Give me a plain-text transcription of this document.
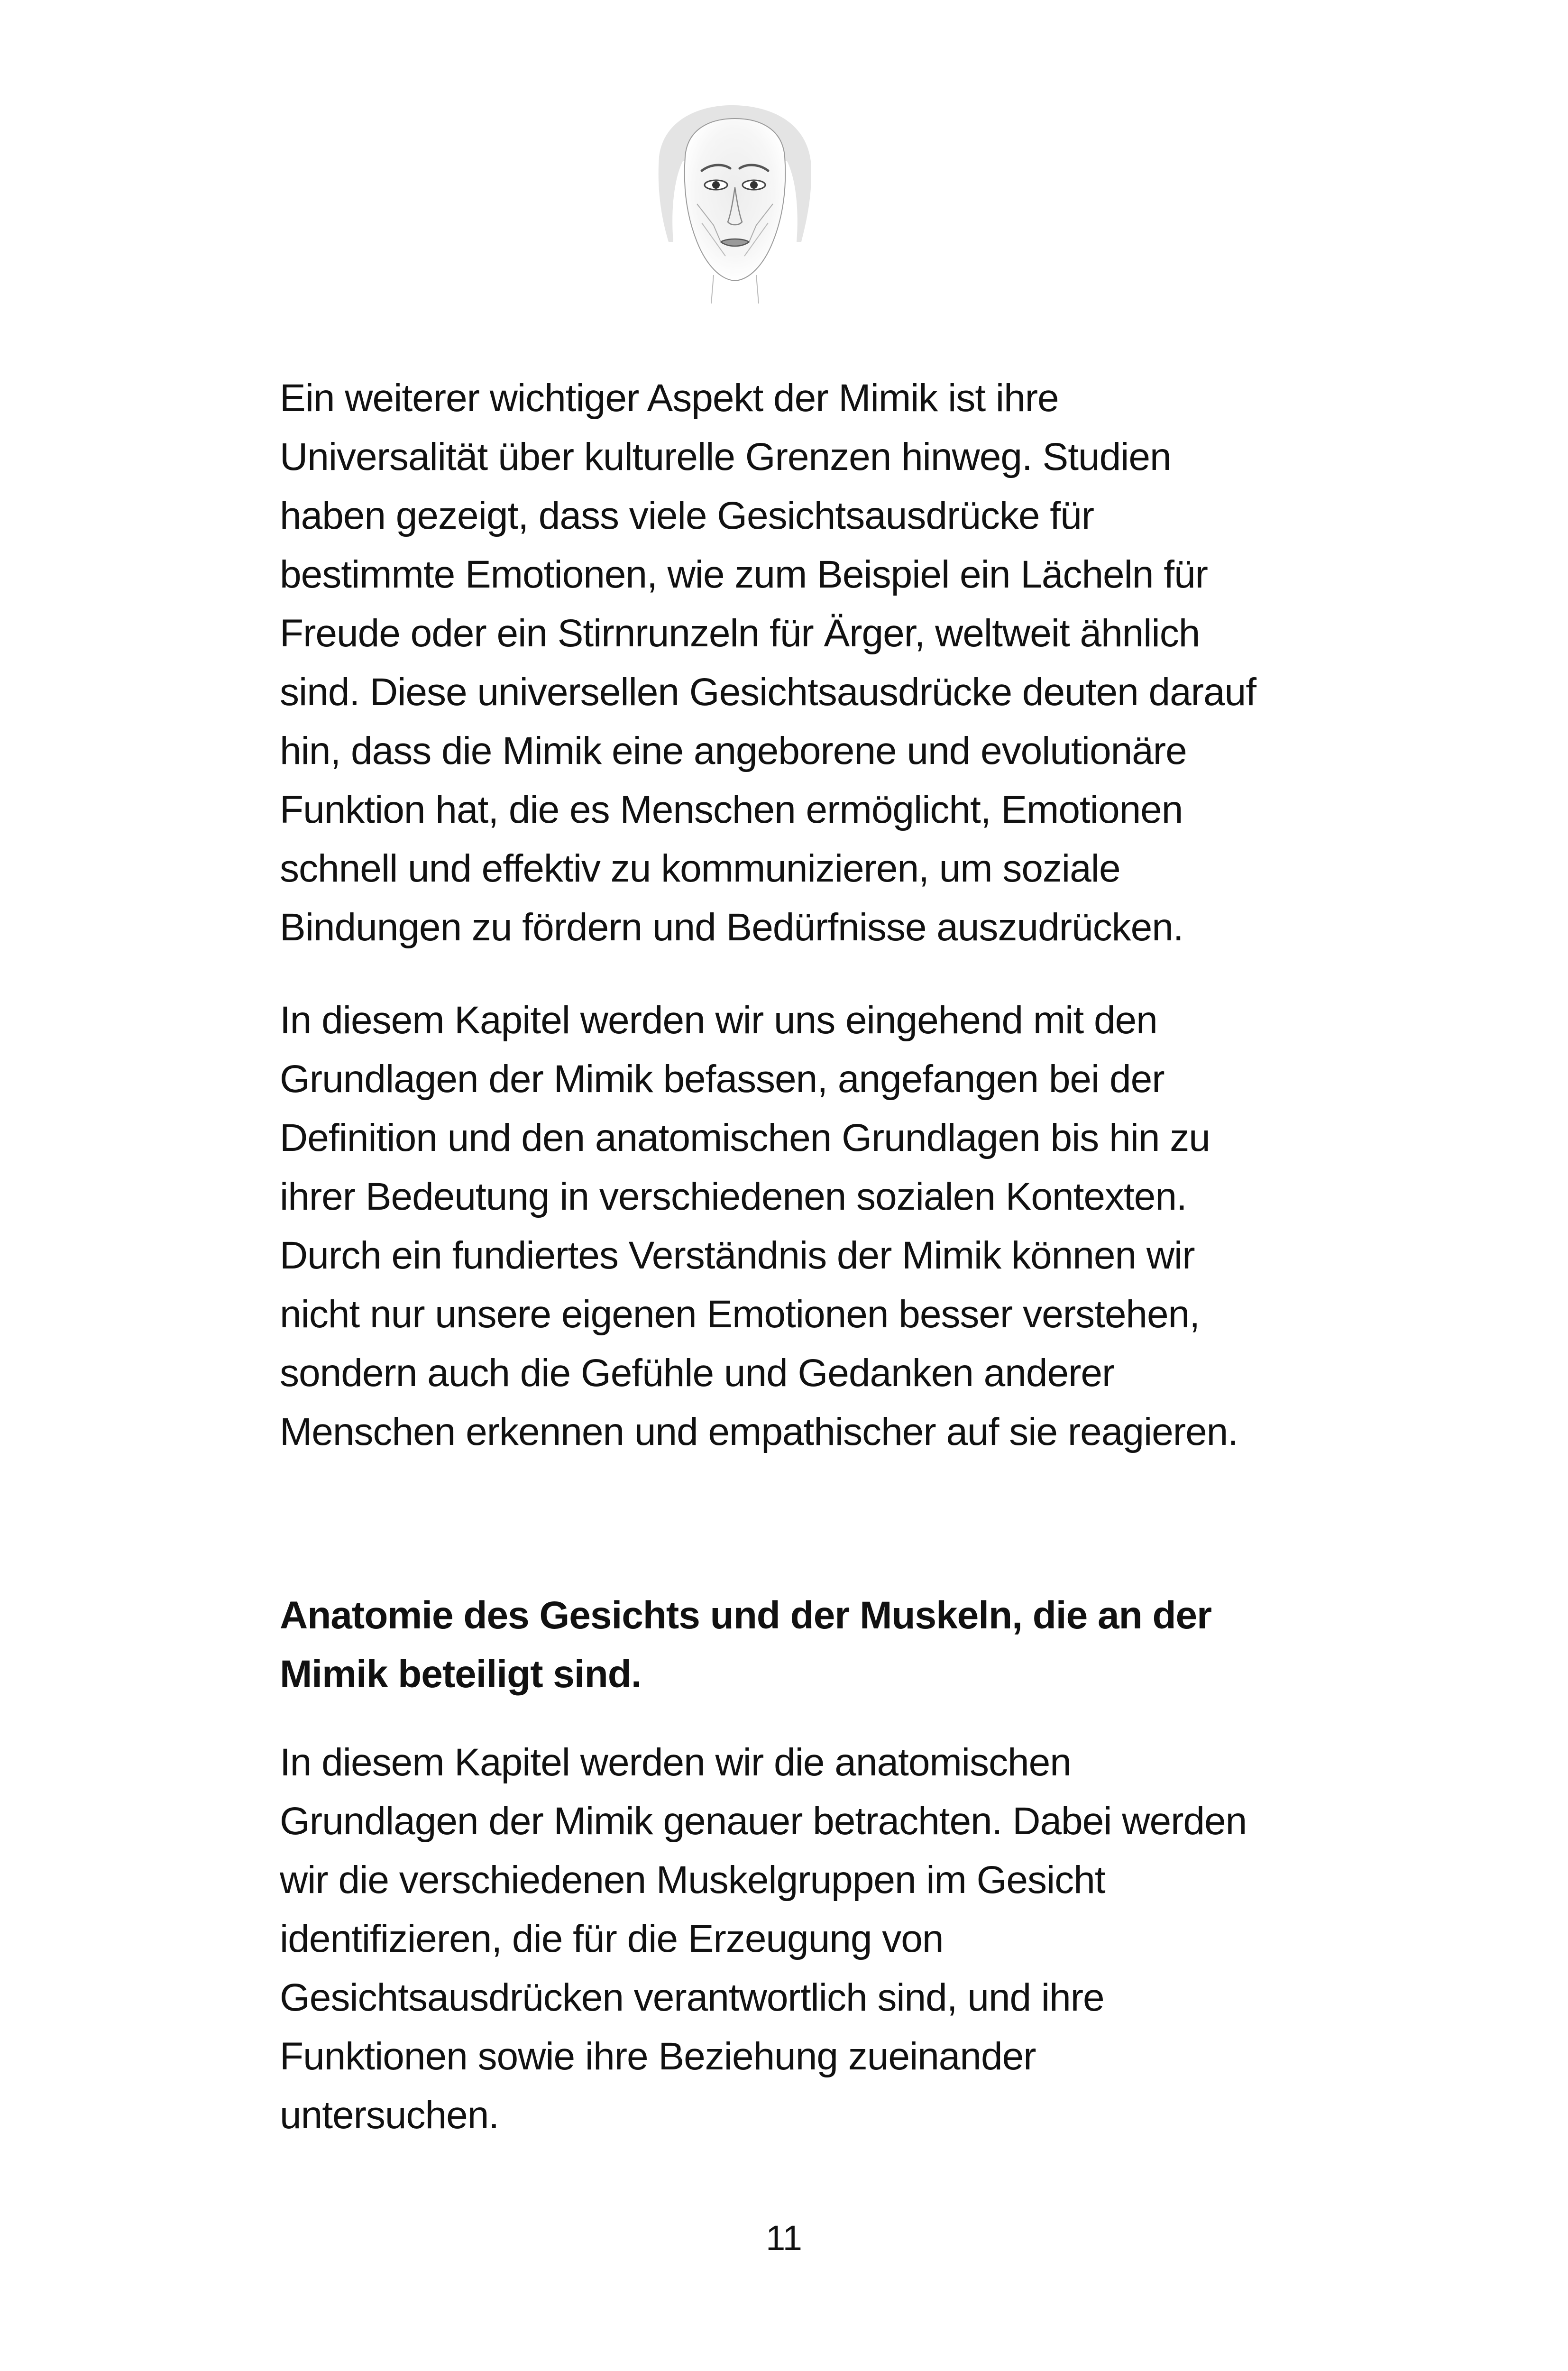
Ein weiterer wichtiger Aspekt der Mimik ist ihre
Universalität über kulturelle Grenzen hinweg. Studien
haben gezeigt, dass viele Gesichtsausdrücke für
bestimmte Emotionen, wie zum Beispiel ein Lächeln für
Freude oder ein Stirnrunzeln für Ärger, weltweit ähnlich
sind. Diese universellen Gesichtsausdrücke deuten darauf
hin, dass die Mimik eine angeborene und evolutionäre
Funktion hat, die es Menschen ermöglicht, Emotionen
schnell und effektiv zu kommunizieren, um soziale
Bindungen zu fördern und Bedürfnisse auszudrücken.
In diesem Kapitel werden wir uns eingehend mit den
Grundlagen der Mimik befassen, angefangen bei der
Definition und den anatomischen Grundlagen bis hin zu
ihrer Bedeutung in verschiedenen sozialen Kontexten.
Durch ein fundiertes Verständnis der Mimik können wir
nicht nur unsere eigenen Emotionen besser verstehen,
sondern auch die Gefühle und Gedanken anderer
Menschen erkennen und empathischer auf sie reagieren.
Anatomie des Gesichts und der Muskeln, die an der
Mimik beteiligt sind.
In diesem Kapitel werden wir die anatomischen
Grundlagen der Mimik genauer betrachten. Dabei werden
wir die verschiedenen Muskelgruppen im Gesicht
identifizieren, die für die Erzeugung von
Gesichtsausdrücken verantwortlich sind, und ihre
Funktionen sowie ihre Beziehung zueinander
untersuchen.
11
